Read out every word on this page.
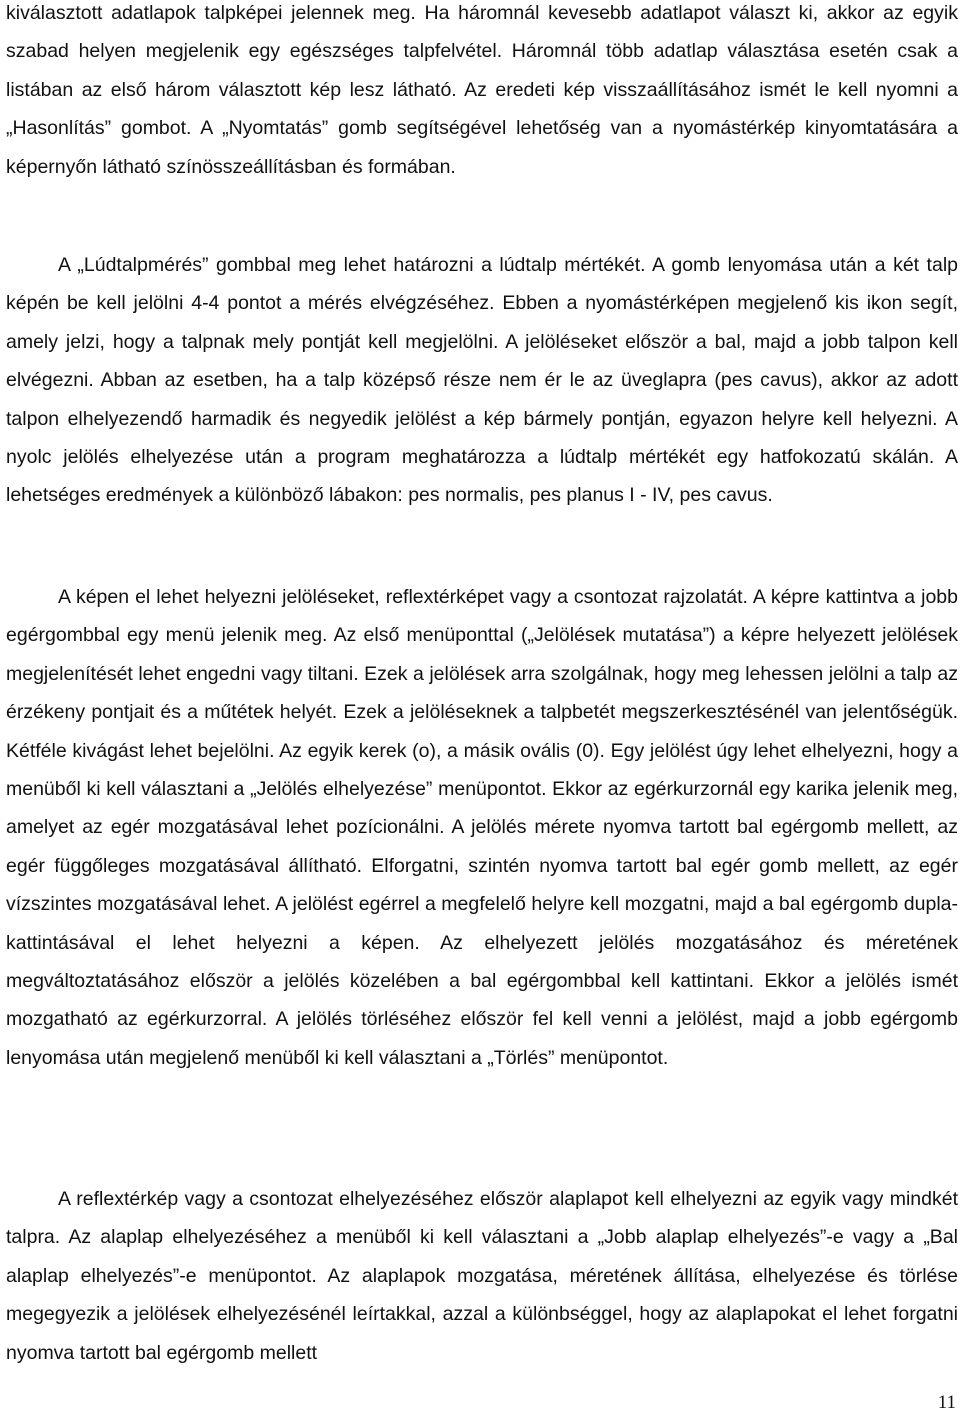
kiválasztott adatlapok talpképei jelennek meg. Ha háromnál kevesebb adatlapot választ ki, akkor az egyik szabad helyen megjelenik egy egészséges talpfelvétel. Háromnál több adatlap választása esetén csak a listában az első három választott kép lesz látható. Az eredeti kép visszaállításához ismét le kell nyomni a „Hasonlítás” gombot. A „Nyomtatás” gomb segítségével lehetőség van a nyomástérkép kinyomtatására a képernyőn látható színösszeállításban és formában.

A „Lúdtalpmérés” gombbal meg lehet határozni a lúdtalp mértékét. A gomb lenyomása után a két talp képén be kell jelölni 4-4 pontot a mérés elvégzéséhez. Ebben a nyomástérképen megjelenő kis ikon segít, amely jelzi, hogy a talpnak mely pontját kell megjelölni. A jelöléseket először a bal, majd a jobb talpon kell elvégezni. Abban az esetben, ha a talp középső része nem ér le az üveglapra (pes cavus), akkor az adott talpon elhelyezendő harmadik és negyedik jelölést a kép bármely pontján, egyazon helyre kell helyezni. A nyolc jelölés elhelyezése után a program meghatározza a lúdtalp mértékét egy hatfokozatú skálán. A lehetséges eredmények a különböző lábakon: pes normalis, pes planus I - IV, pes cavus.

A képen el lehet helyezni jelöléseket, reflextérképet vagy a csontozat rajzolatát. A képre kattintva a jobb egérgombbal egy menü jelenik meg. Az első menüponttal („Jelölések mutatása”) a képre helyezett jelölések megjelenítését lehet engedni vagy tiltani. Ezek a jelölések arra szolgálnak, hogy meg lehessen jelölni a talp az érzékeny pontjait és a műtétek helyét. Ezek a jelöléseknek a talpbetét megszerkesztésénél van jelentőségük. Kétféle kivágást lehet bejelölni. Az egyik kerek (o), a másik ovális (0). Egy jelölést úgy lehet elhelyezni, hogy a menüből ki kell választani a „Jelölés elhelyezése” menüpontot. Ekkor az egérkurzornál egy karika jelenik meg, amelyet az egér mozgatásával lehet pozícionálni. A jelölés mérete nyomva tartott bal egérgomb mellett, az egér függőleges mozgatásával állítható. Elforgatni, szintén nyomva tartott bal egér gomb mellett, az egér vízszintes mozgatásával lehet. A jelölést egérrel a megfelelő helyre kell mozgatni, majd a bal egérgomb dupla-kattintásával el lehet helyezni a képen. Az elhelyezett jelölés mozgatásához és méretének megváltoztatásához először a jelölés közelében a bal egérgombbal kell kattintani. Ekkor a jelölés ismét mozgatható az egérkurzorral. A jelölés törléséhez először fel kell venni a jelölést, majd a jobb egérgomb lenyomása után megjelenő menüből ki kell választani a „Törlés” menüpontot.

A reflextérkép vagy a csontozat elhelyezéséhez először alaplapot kell elhelyezni az egyik vagy mindkét talpra. Az alaplap elhelyezéséhez a menüből ki kell választani a „Jobb alaplap elhelyezés”-e vagy a „Bal alaplap elhelyezés”-e menüpontot. Az alaplapok mozgatása, méretének állítása, elhelyezése és törlése megegyezik a jelölések elhelyezésénél leírtakkal, azzal a különbséggel, hogy az alaplapokat el lehet forgatni nyomva tartott bal egérgomb mellett

11
